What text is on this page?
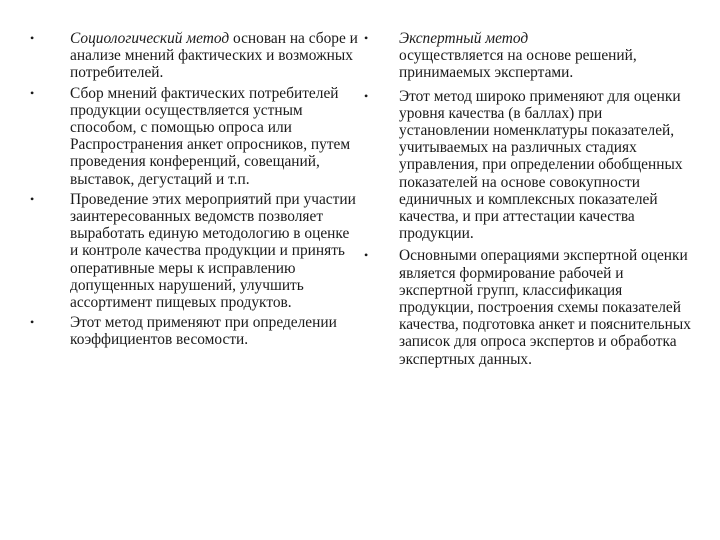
• Социологический метод основан на сборе и анализе мнений фактических и возможных потребителей.
• Сбор мнений фактических потребителей продукции осуществляется устным способом, с помощью опроса или Распространения анкет опросников, путем проведения конференций, совещаний, выставок, дегустаций и т.п.
• Проведение этих мероприятий при участии заинтересованных ведомств позволяет выработать единую методологию в оценке и контроле качества продукции и принять оперативные меры к исправлению допущенных нарушений, улучшить ассортимент пищевых продуктов.
• Этот метод применяют при определении коэффициентов весомости.
• Экспертный метод
осуществляется на основе решений, принимаемых экспертами.
• Этот метод широко применяют для оценки уровня качества (в баллах) при установлении номенклатуры показателей, учитываемых на различных стадиях управления, при определении обобщенных показателей на основе совокупности единичных и комплексных показателей качества, и при аттестации качества продукции.
• Основными операциями экспертной оценки является формирование рабочей и экспертной групп, классификация продукции, построения схемы показателей качества, подготовка анкет и пояснительных записок для опроса экспертов и обработка экспертных данных.
